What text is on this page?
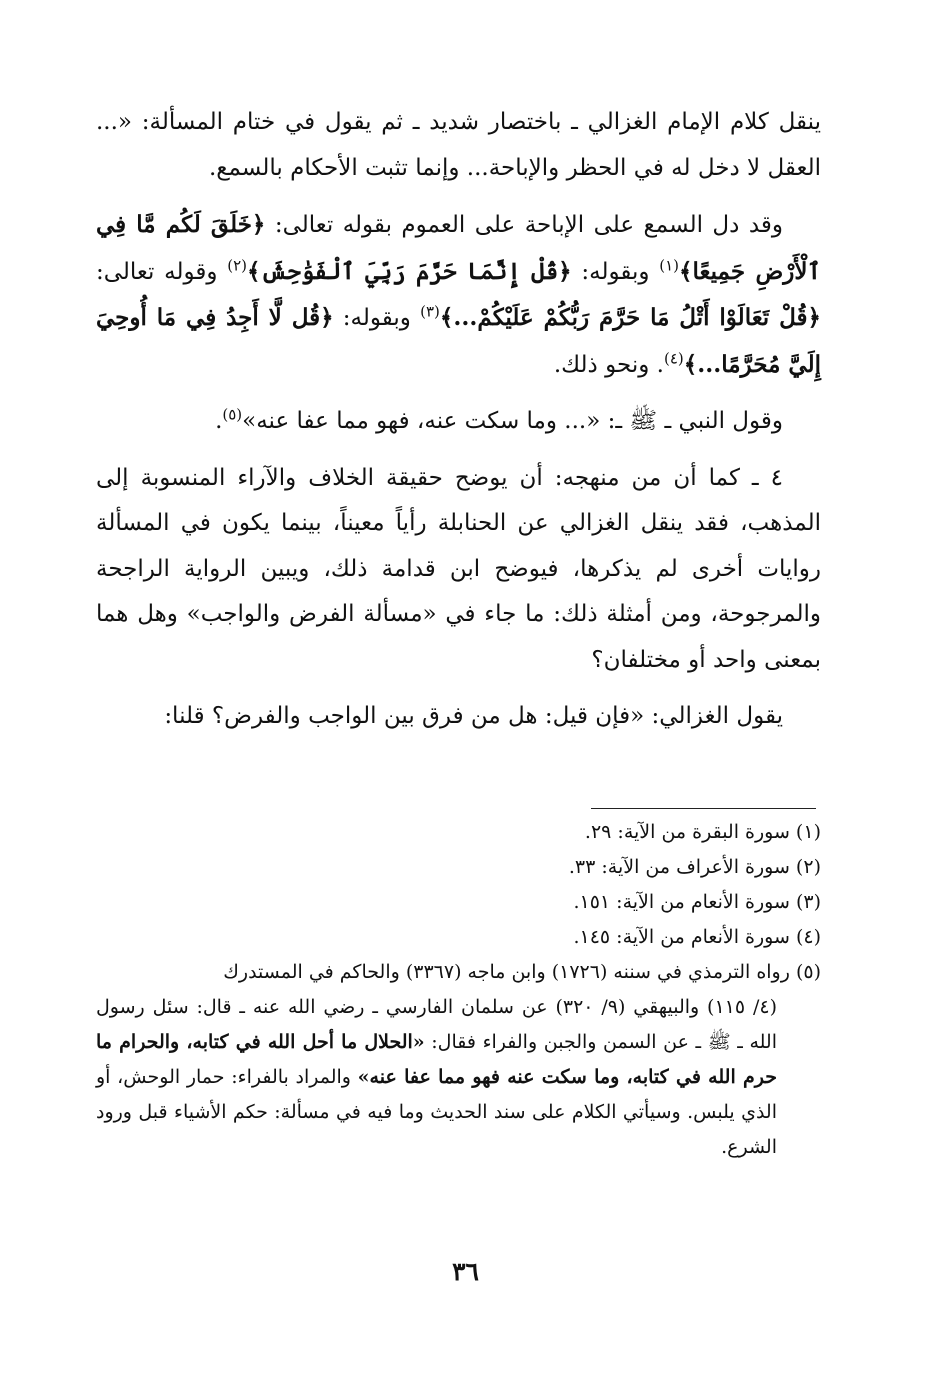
ينقل كلام الإمام الغزالي ـ باختصار شديد ـ ثم يقول في ختام المسألة: «... العقل لا دخل له في الحظر والإباحة... وإنما تثبت الأحكام بالسمع.

وقد دل السمع على الإباحة على العموم بقوله تعالى: ﴿خَلَقَ لَكُم مَّا فِي ٱلْأَرْضِ جَمِيعًا﴾$^{(١)}$ وبقوله: ﴿قُلْ إِنَّمَا حَرَّمَ رَبِّيَ ٱلْفَوَٰحِشَ﴾$^{(٢)}$ وقوله تعالى: ﴿قُلْ تَعَالَوْا أَتْلُ مَا حَرَّمَ رَبُّكُمْ عَلَيْكُمْ...﴾$^{(٣)}$ وبقوله: ﴿قُل لَّا أَجِدُ فِي مَا أُوحِيَ إِلَيَّ مُحَرَّمًا...﴾$^{(٤)}$. ونحو ذلك.

وقول النبي ـ ﷺ ـ: «... وما سكت عنه، فهو مما عفا عنه»$^{(٥)}$.

٤ ـ كما أن من منهجه: أن يوضح حقيقة الخلاف والآراء المنسوبة إلى المذهب، فقد ينقل الغزالي عن الحنابلة رأياً معيناً، بينما يكون في المسألة روايات أخرى لم يذكرها، فيوضح ابن قدامة ذلك، ويبين الرواية الراجحة والمرجوحة، ومن أمثلة ذلك: ما جاء في «مسألة الفرض والواجب» وهل هما بمعنى واحد أو مختلفان؟

يقول الغزالي: «فإن قيل: هل من فرق بين الواجب والفرض؟ قلنا:

(١) سورة البقرة من الآية: ٢٩.

(٢) سورة الأعراف من الآية: ٣٣.

(٣) سورة الأنعام من الآية: ١٥١.

(٤) سورة الأنعام من الآية: ١٤٥.

(٥) رواه الترمذي في سننه (١٧٢٦) وابن ماجه (٣٣٦٧) والحاكم في المستدرك

(٤/ ١١٥) والبيهقي (٩/ ٣٢٠) عن سلمان الفارسي ـ رضي الله عنه ـ قال: سئل رسول الله ـ ﷺ ـ عن السمن والجبن والفراء فقال: «الحلال ما أحل الله في كتابه، والحرام ما حرم الله في كتابه، وما سكت عنه فهو مما عفا عنه» والمراد بالفراء: حمار الوحش، أو الذي يلبس. وسيأتي الكلام على سند الحديث وما فيه في مسألة: حكم الأشياء قبل ورود الشرع.

٣٦
